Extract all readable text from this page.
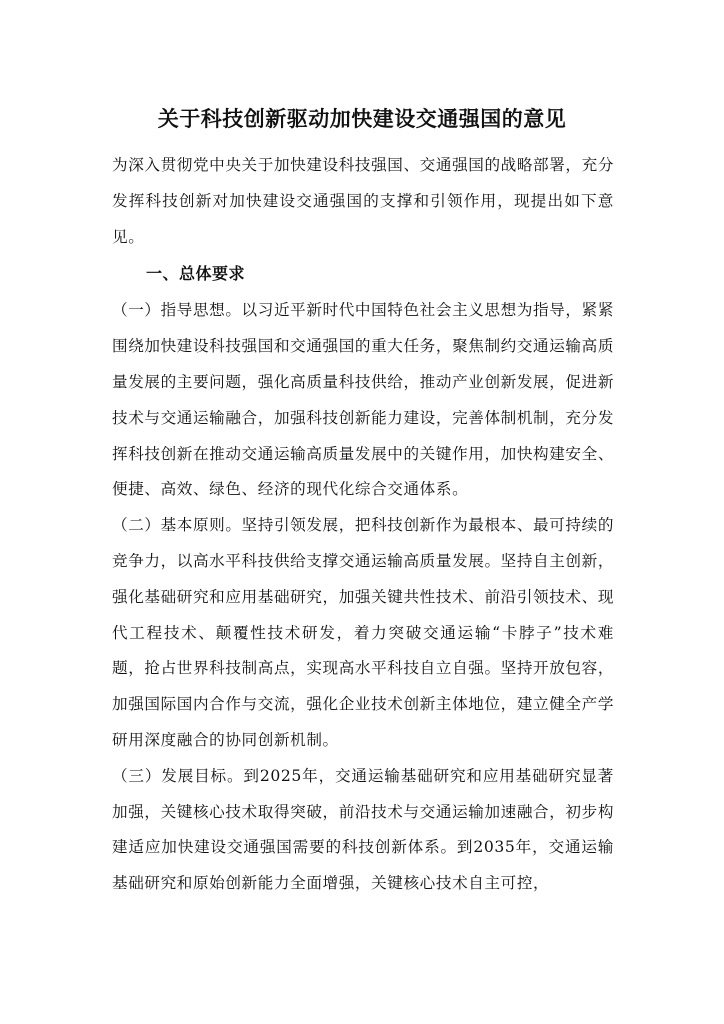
关于科技创新驱动加快建设交通强国的意见

为深入贯彻党中央关于加快建设科技强国、交通强国的战略部署，充分发挥科技创新对加快建设交通强国的支撑和引领作用，现提出如下意见。

一、总体要求

（一）指导思想。以习近平新时代中国特色社会主义思想为指导，紧紧围绕加快建设科技强国和交通强国的重大任务，聚焦制约交通运输高质量发展的主要问题，强化高质量科技供给，推动产业创新发展，促进新技术与交通运输融合，加强科技创新能力建设，完善体制机制，充分发挥科技创新在推动交通运输高质量发展中的关键作用，加快构建安全、便捷、高效、绿色、经济的现代化综合交通体系。

（二）基本原则。坚持引领发展，把科技创新作为最根本、最可持续的竞争力，以高水平科技供给支撑交通运输高质量发展。坚持自主创新，强化基础研究和应用基础研究，加强关键共性技术、前沿引领技术、现代工程技术、颠覆性技术研发，着力突破交通运输“卡脖子”技术难题，抢占世界科技制高点，实现高水平科技自立自强。坚持开放包容，加强国际国内合作与交流，强化企业技术创新主体地位，建立健全产学研用深度融合的协同创新机制。

（三）发展目标。到2025年，交通运输基础研究和应用基础研究显著加强，关键核心技术取得突破，前沿技术与交通运输加速融合，初步构建适应加快建设交通强国需要的科技创新体系。到2035年，交通运输基础研究和原始创新能力全面增强，关键核心技术自主可控，
